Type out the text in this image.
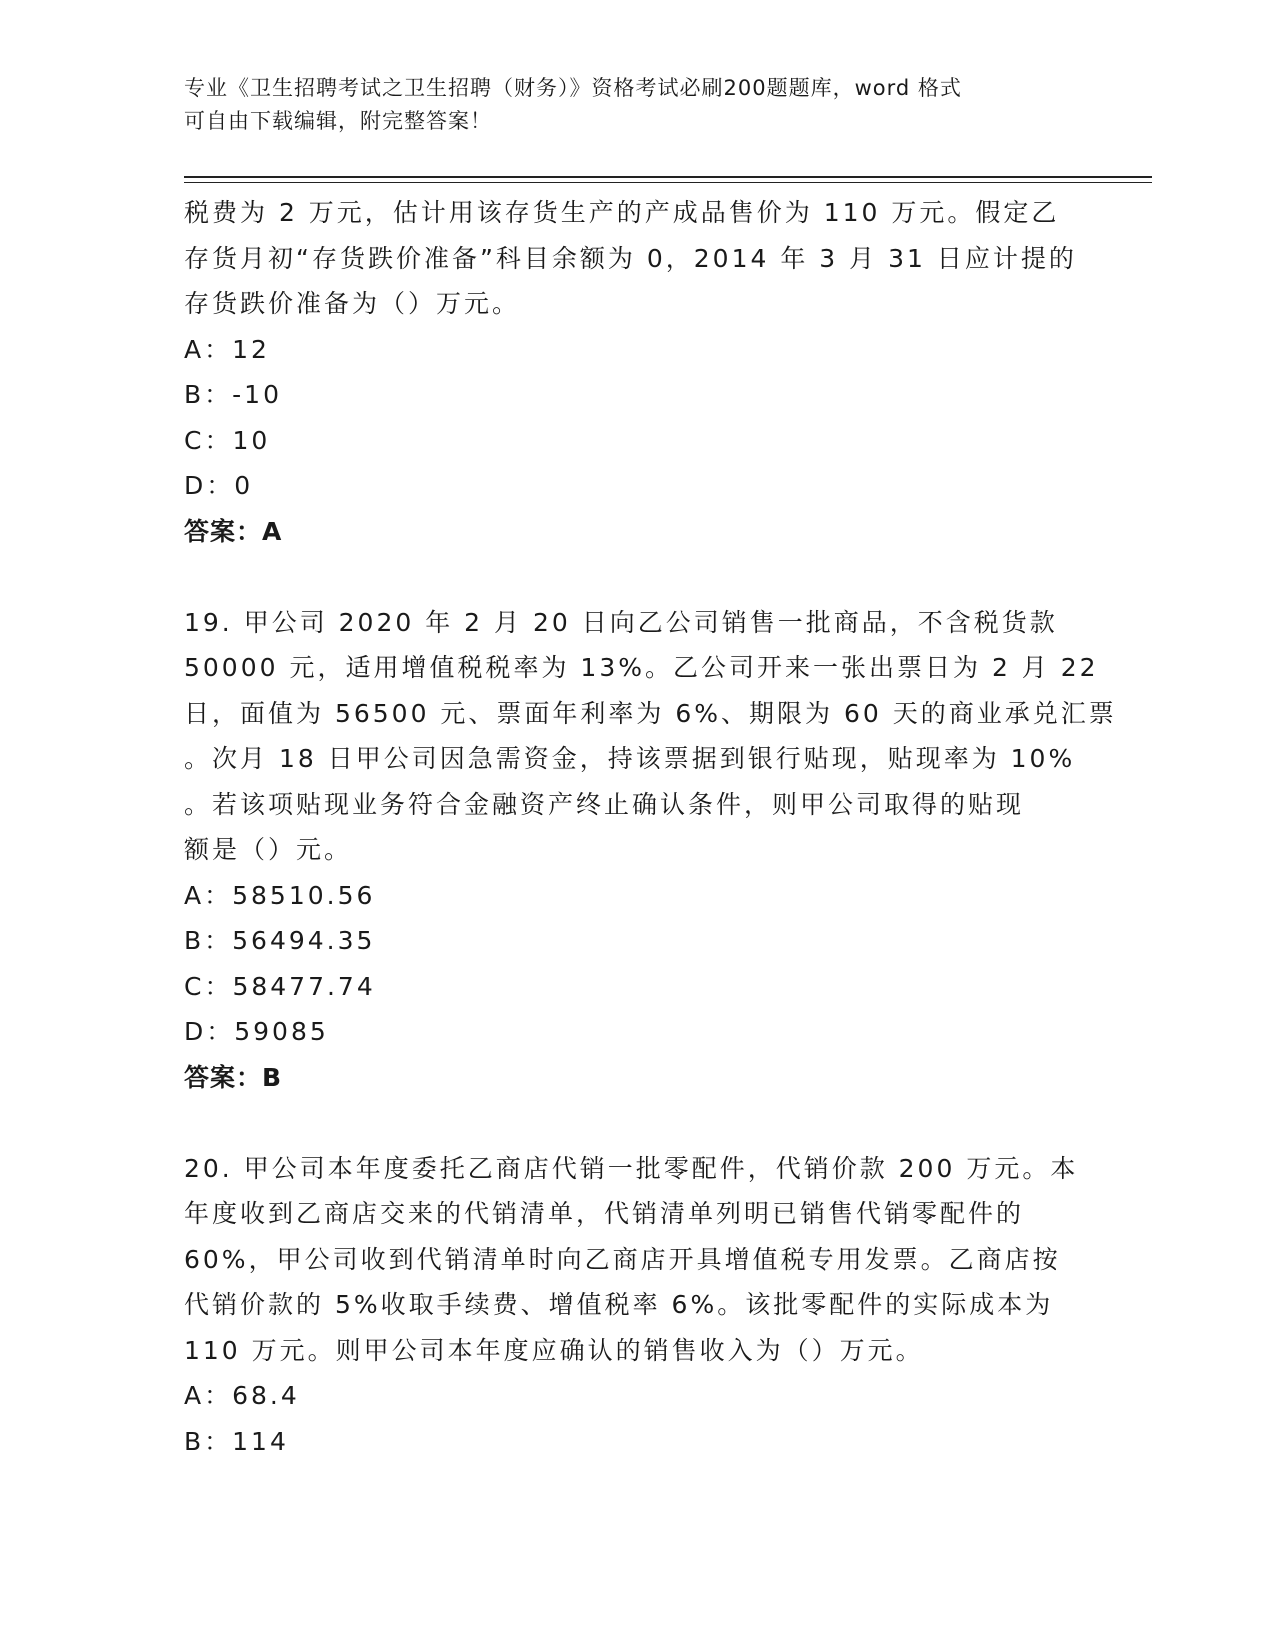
专业《卫生招聘考试之卫生招聘（财务）》资格考试必刷200题题库，word 格式
可自由下载编辑，附完整答案！
税费为 2 万元，估计用该存货生产的产成品售价为 110 万元。假定乙
存货月初“存货跌价准备”科目余额为 0，2014 年 3 月 31 日应计提的
存货跌价准备为（）万元。
A：12
B：-10
C：10
D：0
答案：A
19. 甲公司 2020 年 2 月 20 日向乙公司销售一批商品，不含税货款
50000 元，适用增值税税率为 13%。乙公司开来一张出票日为 2 月 22
日，面值为 56500 元、票面年利率为 6%、期限为 60 天的商业承兑汇票
。次月 18 日甲公司因急需资金，持该票据到银行贴现，贴现率为 10%
。若该项贴现业务符合金融资产终止确认条件，则甲公司取得的贴现
额是（）元。
A：58510.56
B：56494.35
C：58477.74
D：59085
答案：B
20. 甲公司本年度委托乙商店代销一批零配件，代销价款 200 万元。本
年度收到乙商店交来的代销清单，代销清单列明已销售代销零配件的
60%，甲公司收到代销清单时向乙商店开具增值税专用发票。乙商店按
代销价款的 5%收取手续费、增值税率 6%。该批零配件的实际成本为
110 万元。则甲公司本年度应确认的销售收入为（）万元。
A：68.4
B：114
